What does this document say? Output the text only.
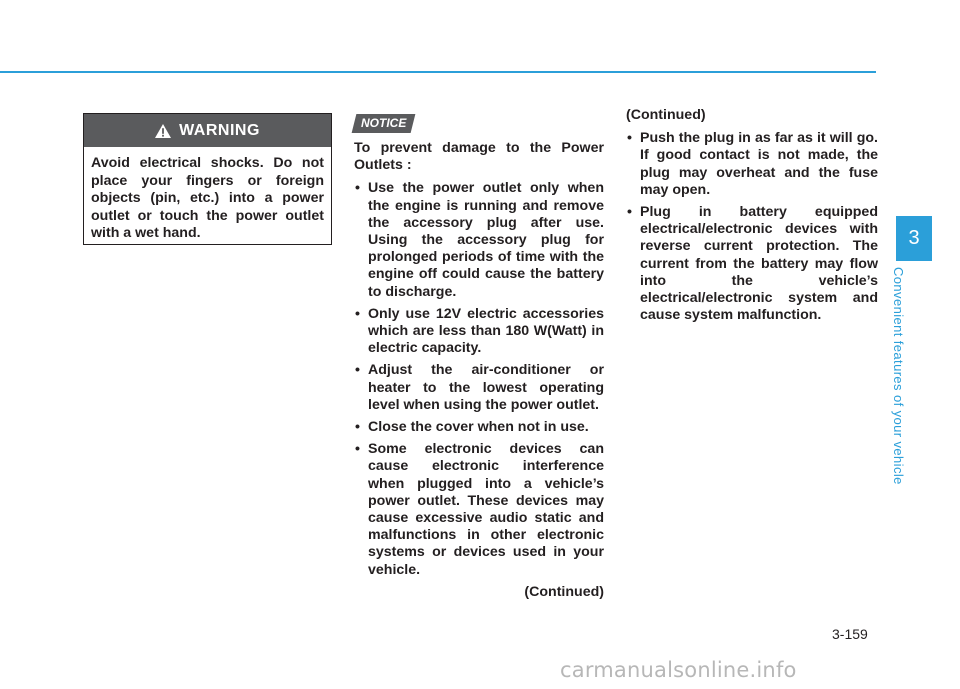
WARNING
Avoid electrical shocks. Do not place your fingers or foreign objects (pin, etc.) into a power outlet or touch the power outlet with a wet hand.
NOTICE
To prevent damage to the Power Outlets :
• Use the power outlet only when the engine is running and remove the accessory plug after use. Using the accessory plug for prolonged periods of time with the engine off could cause the battery to discharge.
• Only use 12V electric accessories which are less than 180 W(Watt) in electric capacity.
• Adjust the air-conditioner or heater to the lowest operating level when using the power outlet.
• Close the cover when not in use.
• Some electronic devices can cause electronic interference when plugged into a vehicle’s power outlet. These devices may cause excessive audio static and malfunctions in other electronic systems or devices used in your vehicle.
(Continued)
(Continued)
• Push the plug in as far as it will go. If good contact is not made, the plug may overheat and the fuse may open.
• Plug in battery equipped electrical/electronic devices with reverse current protection. The current from the battery may flow into the vehicle’s electrical/electronic system and cause system malfunction.
3
Convenient features of your vehicle
3-159
carmanualsonline.info
